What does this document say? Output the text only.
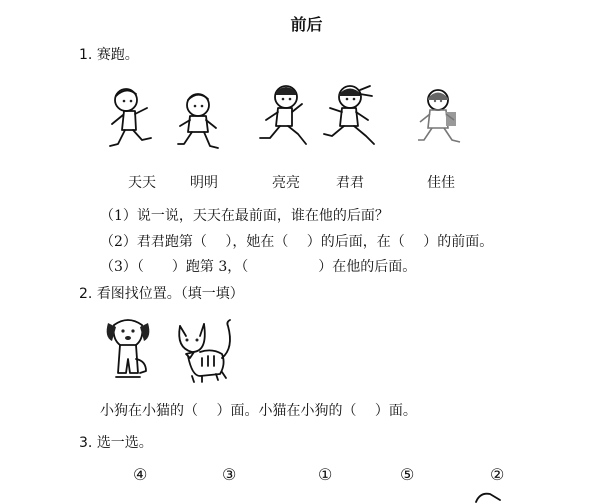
前后
1. 赛跑。
天天 明明	亮亮	君君	佳佳
（1）说一说，天天在最前面，谁在他的后面？
（2）君君跑第（　 ），她在（　 ）的后面，在（　 ）的前面。
（3）（　　）跑第 3，（　　　　　）在他的后面。
2. 看图找位置。（填一填）
小狗在小猫的（　 ）面。小猫在小狗的（　 ）面。
3. 选一选。
④	③	①	⑤	②
